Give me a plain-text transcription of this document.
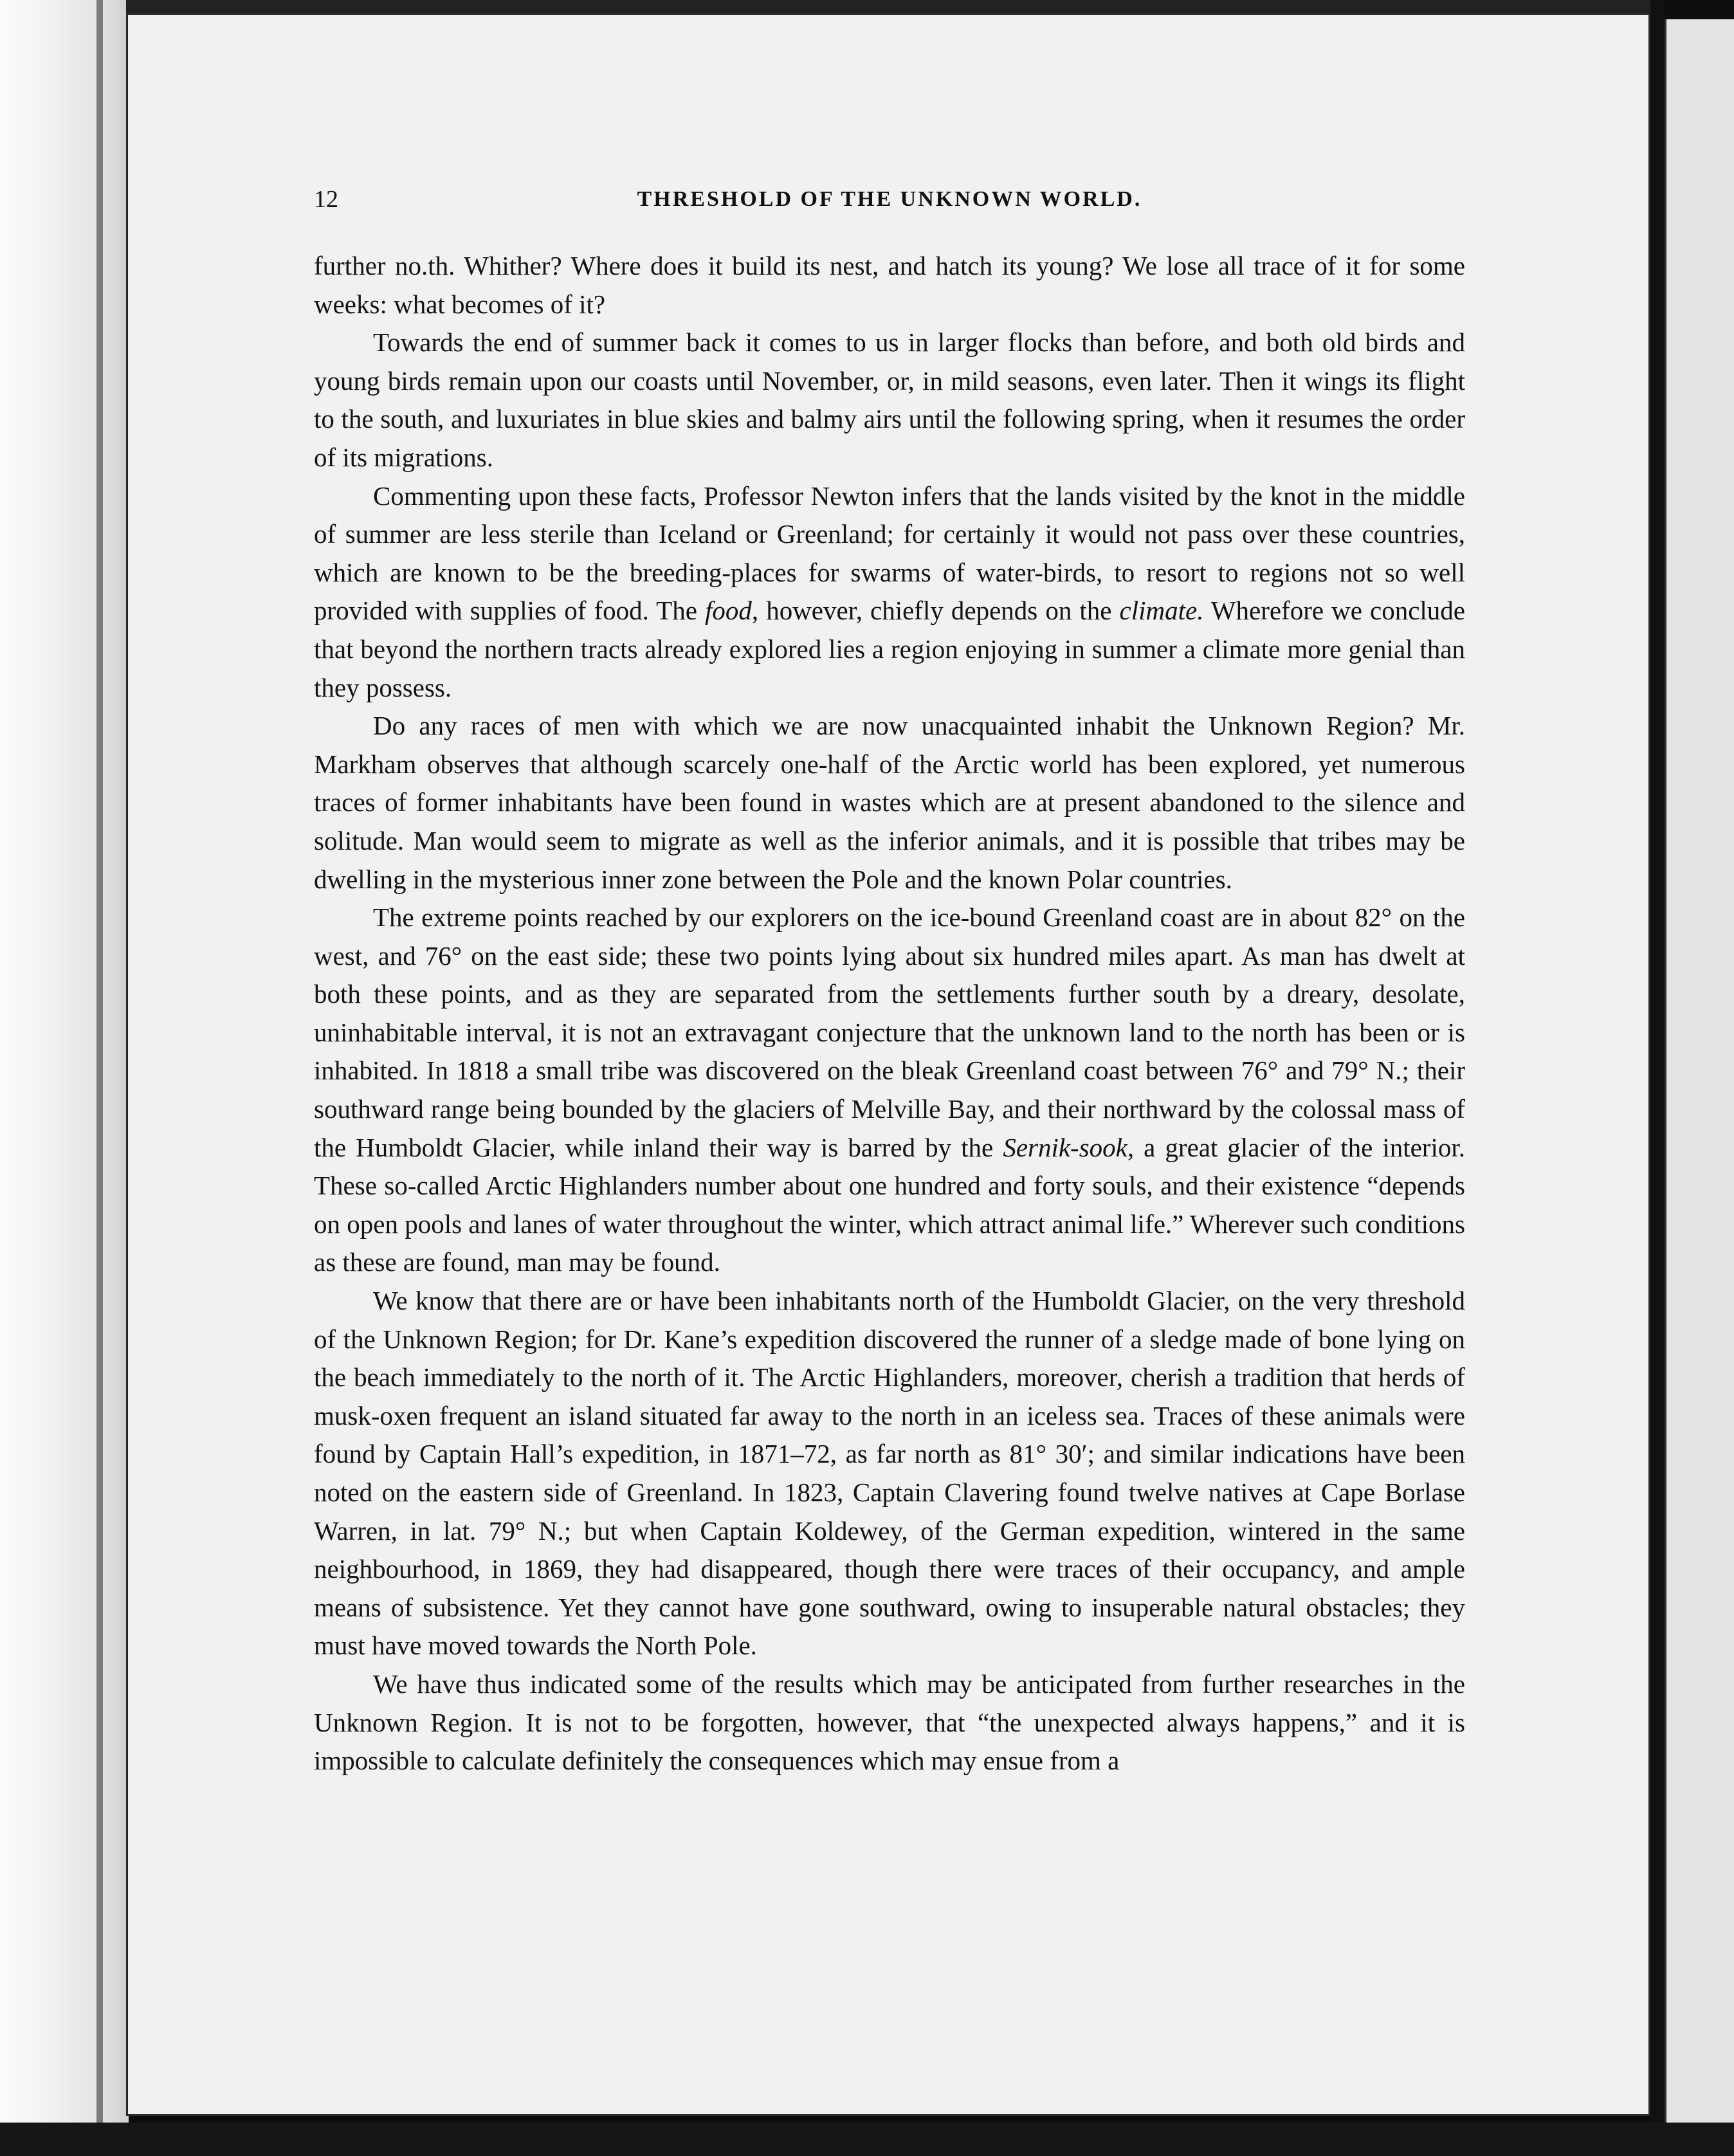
12	THRESHOLD OF THE UNKNOWN WORLD.

further no.th. Whither? Where does it build its nest, and hatch its young? We lose all trace of it for some weeks: what becomes of it?

Towards the end of summer back it comes to us in larger flocks than before, and both old birds and young birds remain upon our coasts until November, or, in mild seasons, even later. Then it wings its flight to the south, and luxuriates in blue skies and balmy airs until the following spring, when it resumes the order of its migrations.

Commenting upon these facts, Professor Newton infers that the lands visited by the knot in the middle of summer are less sterile than Iceland or Greenland; for certainly it would not pass over these countries, which are known to be the breeding-places for swarms of water-birds, to resort to regions not so well provided with supplies of food. The food, however, chiefly depends on the climate. Wherefore we conclude that beyond the northern tracts already explored lies a region enjoying in summer a climate more genial than they possess.

Do any races of men with which we are now unacquainted inhabit the Unknown Region? Mr. Markham observes that although scarcely one-half of the Arctic world has been explored, yet numerous traces of former inhabitants have been found in wastes which are at present abandoned to the silence and solitude. Man would seem to migrate as well as the inferior animals, and it is possible that tribes may be dwelling in the mysterious inner zone between the Pole and the known Polar countries.

The extreme points reached by our explorers on the ice-bound Greenland coast are in about 82° on the west, and 76° on the east side; these two points lying about six hundred miles apart. As man has dwelt at both these points, and as they are separated from the settlements further south by a dreary, desolate, uninhabitable interval, it is not an extravagant conjecture that the unknown land to the north has been or is inhabited. In 1818 a small tribe was discovered on the bleak Greenland coast between 76° and 79° N.; their southward range being bounded by the glaciers of Melville Bay, and their northward by the colossal mass of the Humboldt Glacier, while inland their way is barred by the Sernik-sook, a great glacier of the interior. These so-called Arctic Highlanders number about one hundred and forty souls, and their existence “depends on open pools and lanes of water throughout the winter, which attract animal life.” Wherever such conditions as these are found, man may be found.

We know that there are or have been inhabitants north of the Humboldt Glacier, on the very threshold of the Unknown Region; for Dr. Kane’s expedition discovered the runner of a sledge made of bone lying on the beach immediately to the north of it. The Arctic Highlanders, moreover, cherish a tradition that herds of musk-oxen frequent an island situated far away to the north in an iceless sea. Traces of these animals were found by Captain Hall’s expedition, in 1871–72, as far north as 81° 30′; and similar indications have been noted on the eastern side of Greenland. In 1823, Captain Clavering found twelve natives at Cape Borlase Warren, in lat. 79° N.; but when Captain Koldewey, of the German expedition, wintered in the same neighbourhood, in 1869, they had disappeared, though there were traces of their occupancy, and ample means of subsistence. Yet they cannot have gone southward, owing to insuperable natural obstacles; they must have moved towards the North Pole.

We have thus indicated some of the results which may be anticipated from further researches in the Unknown Region. It is not to be forgotten, however, that “the unexpected always happens,” and it is impossible to calculate definitely the consequences which may ensue from a
